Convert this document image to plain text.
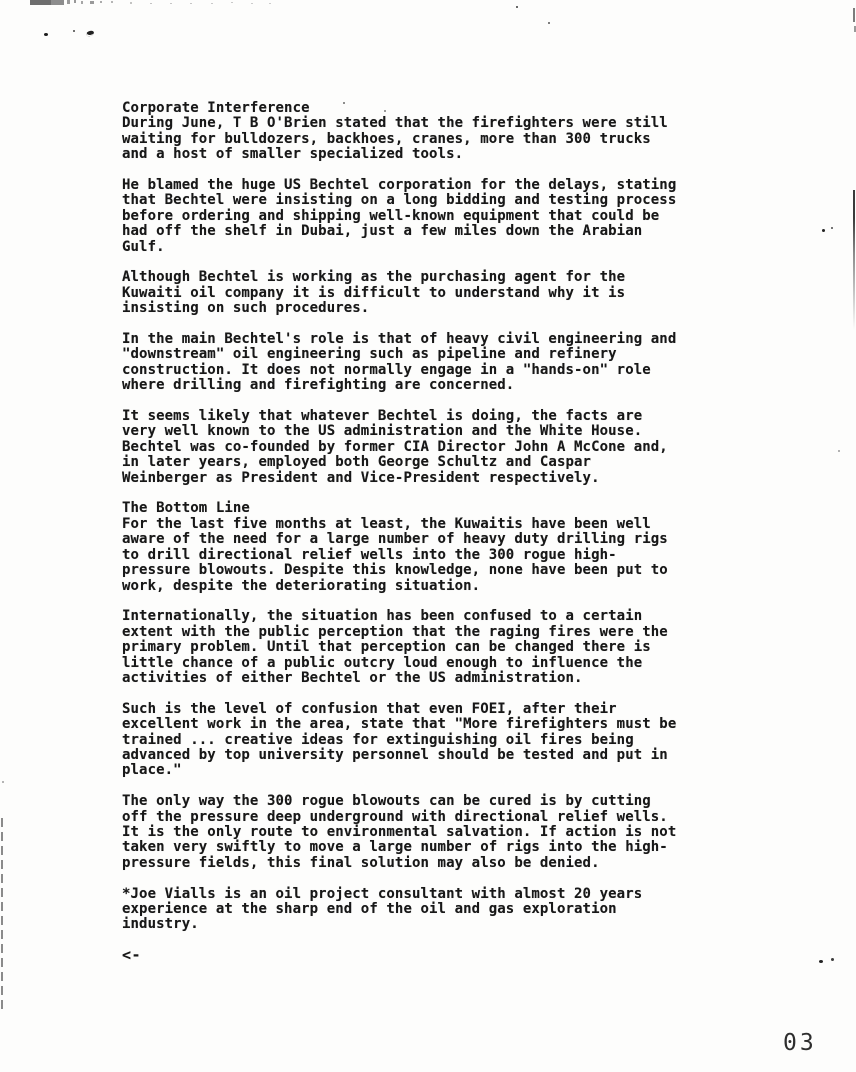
Corporate Interference
During June, T B O'Brien stated that the firefighters were still
waiting for bulldozers, backhoes, cranes, more than 300 trucks
and a host of smaller specialized tools.
He blamed the huge US Bechtel corporation for the delays, stating
that Bechtel were insisting on a long bidding and testing process
before ordering and shipping well-known equipment that could be
had off the shelf in Dubai, just a few miles down the Arabian
Gulf.
Although Bechtel is working as the purchasing agent for the
Kuwaiti oil company it is difficult to understand why it is
insisting on such procedures.
In the main Bechtel's role is that of heavy civil engineering and
"downstream" oil engineering such as pipeline and refinery
construction. It does not normally engage in a "hands-on" role
where drilling and firefighting are concerned.
It seems likely that whatever Bechtel is doing, the facts are
very well known to the US administration and the White House.
Bechtel was co-founded by former CIA Director John A McCone and,
in later years, employed both George Schultz and Caspar
Weinberger as President and Vice-President respectively.
The Bottom Line
For the last five months at least, the Kuwaitis have been well
aware of the need for a large number of heavy duty drilling rigs
to drill directional relief wells into the 300 rogue high-
pressure blowouts. Despite this knowledge, none have been put to
work, despite the deteriorating situation.
Internationally, the situation has been confused to a certain
extent with the public perception that the raging fires were the
primary problem. Until that perception can be changed there is
little chance of a public outcry loud enough to influence the
activities of either Bechtel or the US administration.
Such is the level of confusion that even FOEI, after their
excellent work in the area, state that "More firefighters must be
trained ... creative ideas for extinguishing oil fires being
advanced by top university personnel should be tested and put in
place."
The only way the 300 rogue blowouts can be cured is by cutting
off the pressure deep underground with directional relief wells.
It is the only route to environmental salvation. If action is not
taken very swiftly to move a large number of rigs into the high-
pressure fields, this final solution may also be denied.
*Joe Vialls is an oil project consultant with almost 20 years
experience at the sharp end of the oil and gas exploration
industry.
<-
03
